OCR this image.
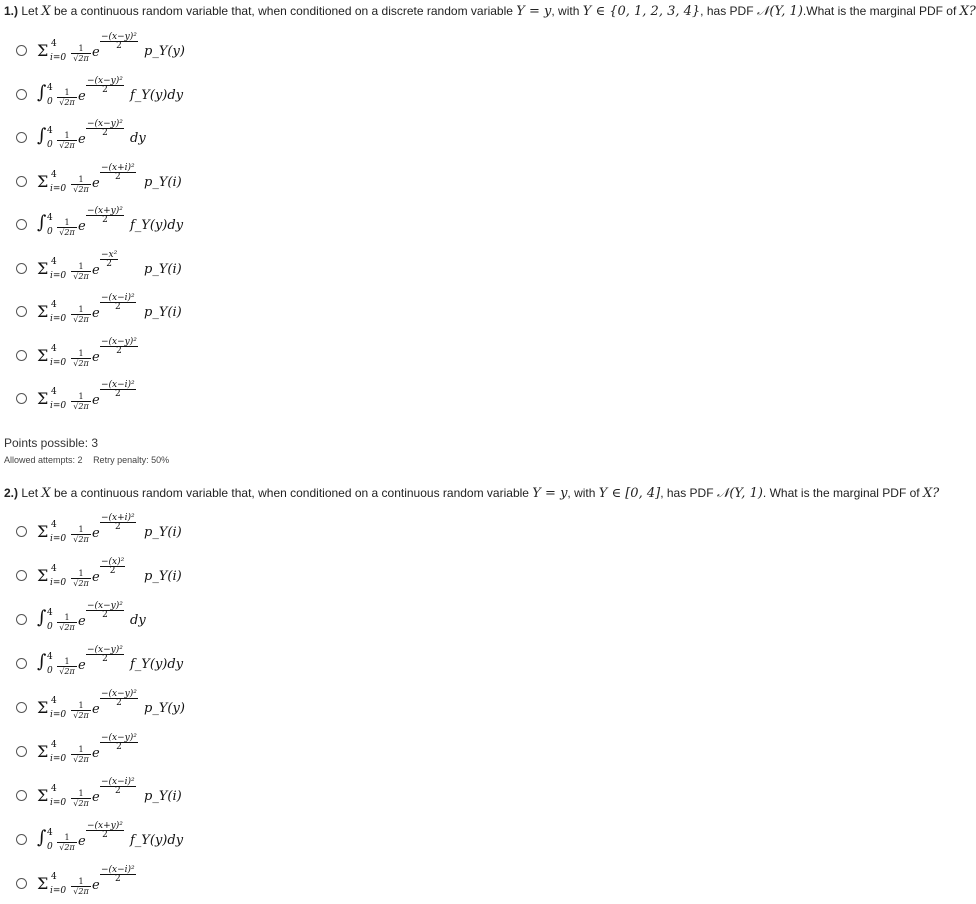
1.) Let X be a continuous random variable that, when conditioned on a discrete random variable Y = y, with Y ∈ {0, 1, 2, 3, 4}, has PDF 𝒩(Y, 1).What is the marginal PDF of X?
Σ 4
$i=0 \frac{1}{√2\pi}$ e
$\frac{\text{−(x−y)²}}{2}$
p_Y(y)
∫ 4
$0 \frac{1}{√2\pi}$ e
$\frac{\text{−(x−y)²}}{2}$
f_Y(y)dy
∫ 4
$0 \frac{1}{√2\pi}$ e
$\frac{\text{−(x−y)²}}{2}$
dy
Σ 4
$i=0 \frac{1}{√2\pi}$ e
$\frac{\text{−(x+i)²}}{2}$
p_Y(i)
∫ 4
$0 \frac{1}{√2\pi}$ e
$\frac{\text{−(x+y)²}}{2}$
f_Y(y)dy
Σ 4
$i=0 \frac{1}{√2\pi}$ e
$\frac{\text{−x²}}{2}$
p_Y(i)
Σ 4
$i=0 \frac{1}{√2\pi}$ e
$\frac{\text{−(x−i)²}}{2}$
p_Y(i)
Σ 4
$i=0 \frac{1}{√2\pi}$ e
$\frac{\text{−(x−y)²}}{2}$
Σ 4
$i=0 \frac{1}{√2\pi}$ e
$\frac{\text{−(x−i)²}}{2}$
Points possible: 3
Allowed attempts: 2 Retry penalty: 50%
2.) Let X be a continuous random variable that, when conditioned on a continuous random variable Y = y, with Y ∈ [0, 4], has PDF 𝒩(Y, 1). What is the marginal PDF of X?
Σ 4
$i=0 \frac{1}{√2\pi}$ e
$\frac{\text{−(x+i)²}}{2}$
p_Y(i)
Σ 4
$i=0 \frac{1}{√2\pi}$ e
$\frac{\text{−(x)²}}{2}$
p_Y(i)
∫ 4
$0 \frac{1}{√2\pi}$ e
$\frac{\text{−(x−y)²}}{2}$
dy
∫ 4
$0 \frac{1}{√2\pi}$ e
$\frac{\text{−(x−y)²}}{2}$
f_Y(y)dy
Σ 4
$i=0 \frac{1}{√2\pi}$ e
$\frac{\text{−(x−y)²}}{2}$
p_Y(y)
Σ 4
$i=0 \frac{1}{√2\pi}$ e
$\frac{\text{−(x−y)²}}{2}$
Σ 4
$i=0 \frac{1}{√2\pi}$ e
$\frac{\text{−(x−i)²}}{2}$
p_Y(i)
∫ 4
$0 \frac{1}{√2\pi}$ e
$\frac{\text{−(x+y)²}}{2}$
f_Y(y)dy
Σ 4
$i=0 \frac{1}{√2\pi}$ e
$\frac{\text{−(x−i)²}}{2}$
